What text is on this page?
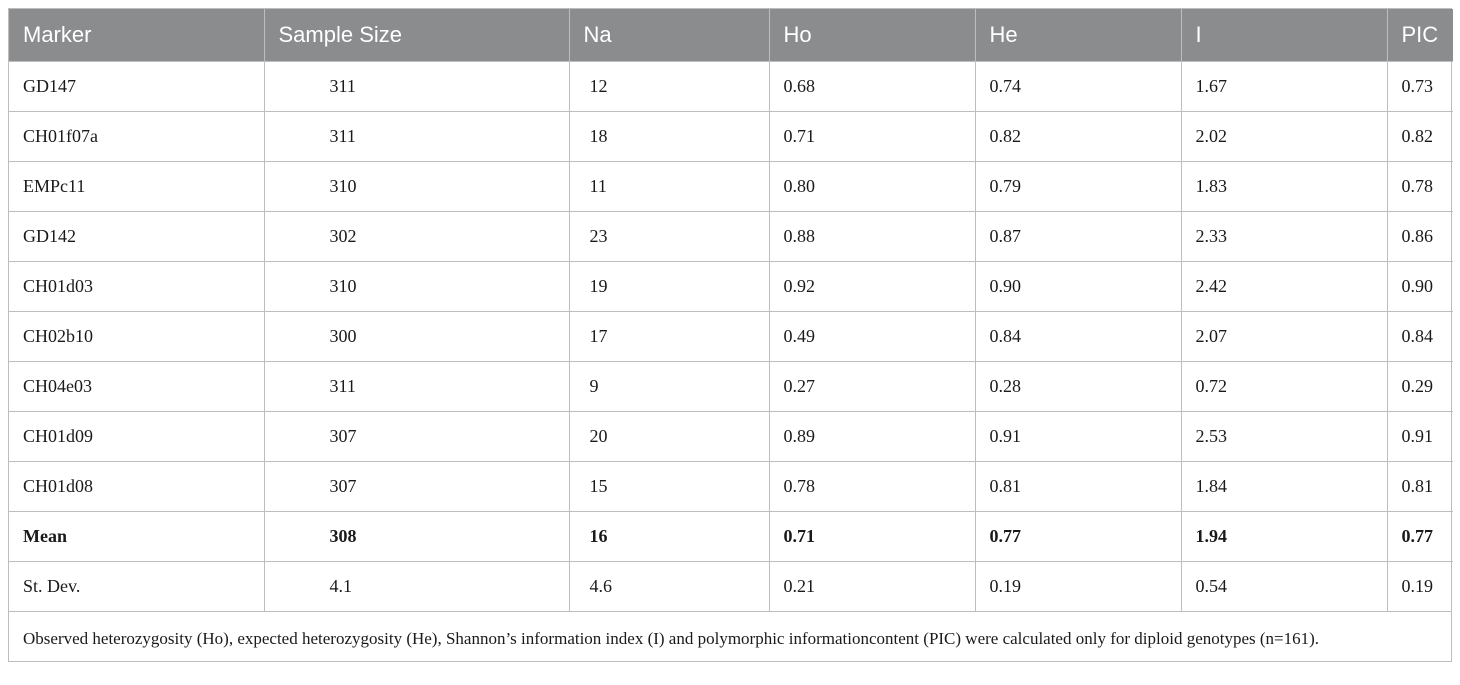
Marker	Sample Size	Na	Ho	He	I	PIC
GD147	311	12	0.68	0.74	1.67	0.73
CH01f07a	311	18	0.71	0.82	2.02	0.82
EMPc11	310	11	0.80	0.79	1.83	0.78
GD142	302	23	0.88	0.87	2.33	0.86
CH01d03	310	19	0.92	0.90	2.42	0.90
CH02b10	300	17	0.49	0.84	2.07	0.84
CH04e03	311	9	0.27	0.28	0.72	0.29
CH01d09	307	20	0.89	0.91	2.53	0.91
CH01d08	307	15	0.78	0.81	1.84	0.81
Mean	308	16	0.71	0.77	1.94	0.77
St. Dev.	4.1	4.6	0.21	0.19	0.54	0.19
Observed heterozygosity (Ho), expected heterozygosity (He), Shannon’s information index (I) and polymorphic informationcontent (PIC) were calculated only for diploid genotypes (n=161).
